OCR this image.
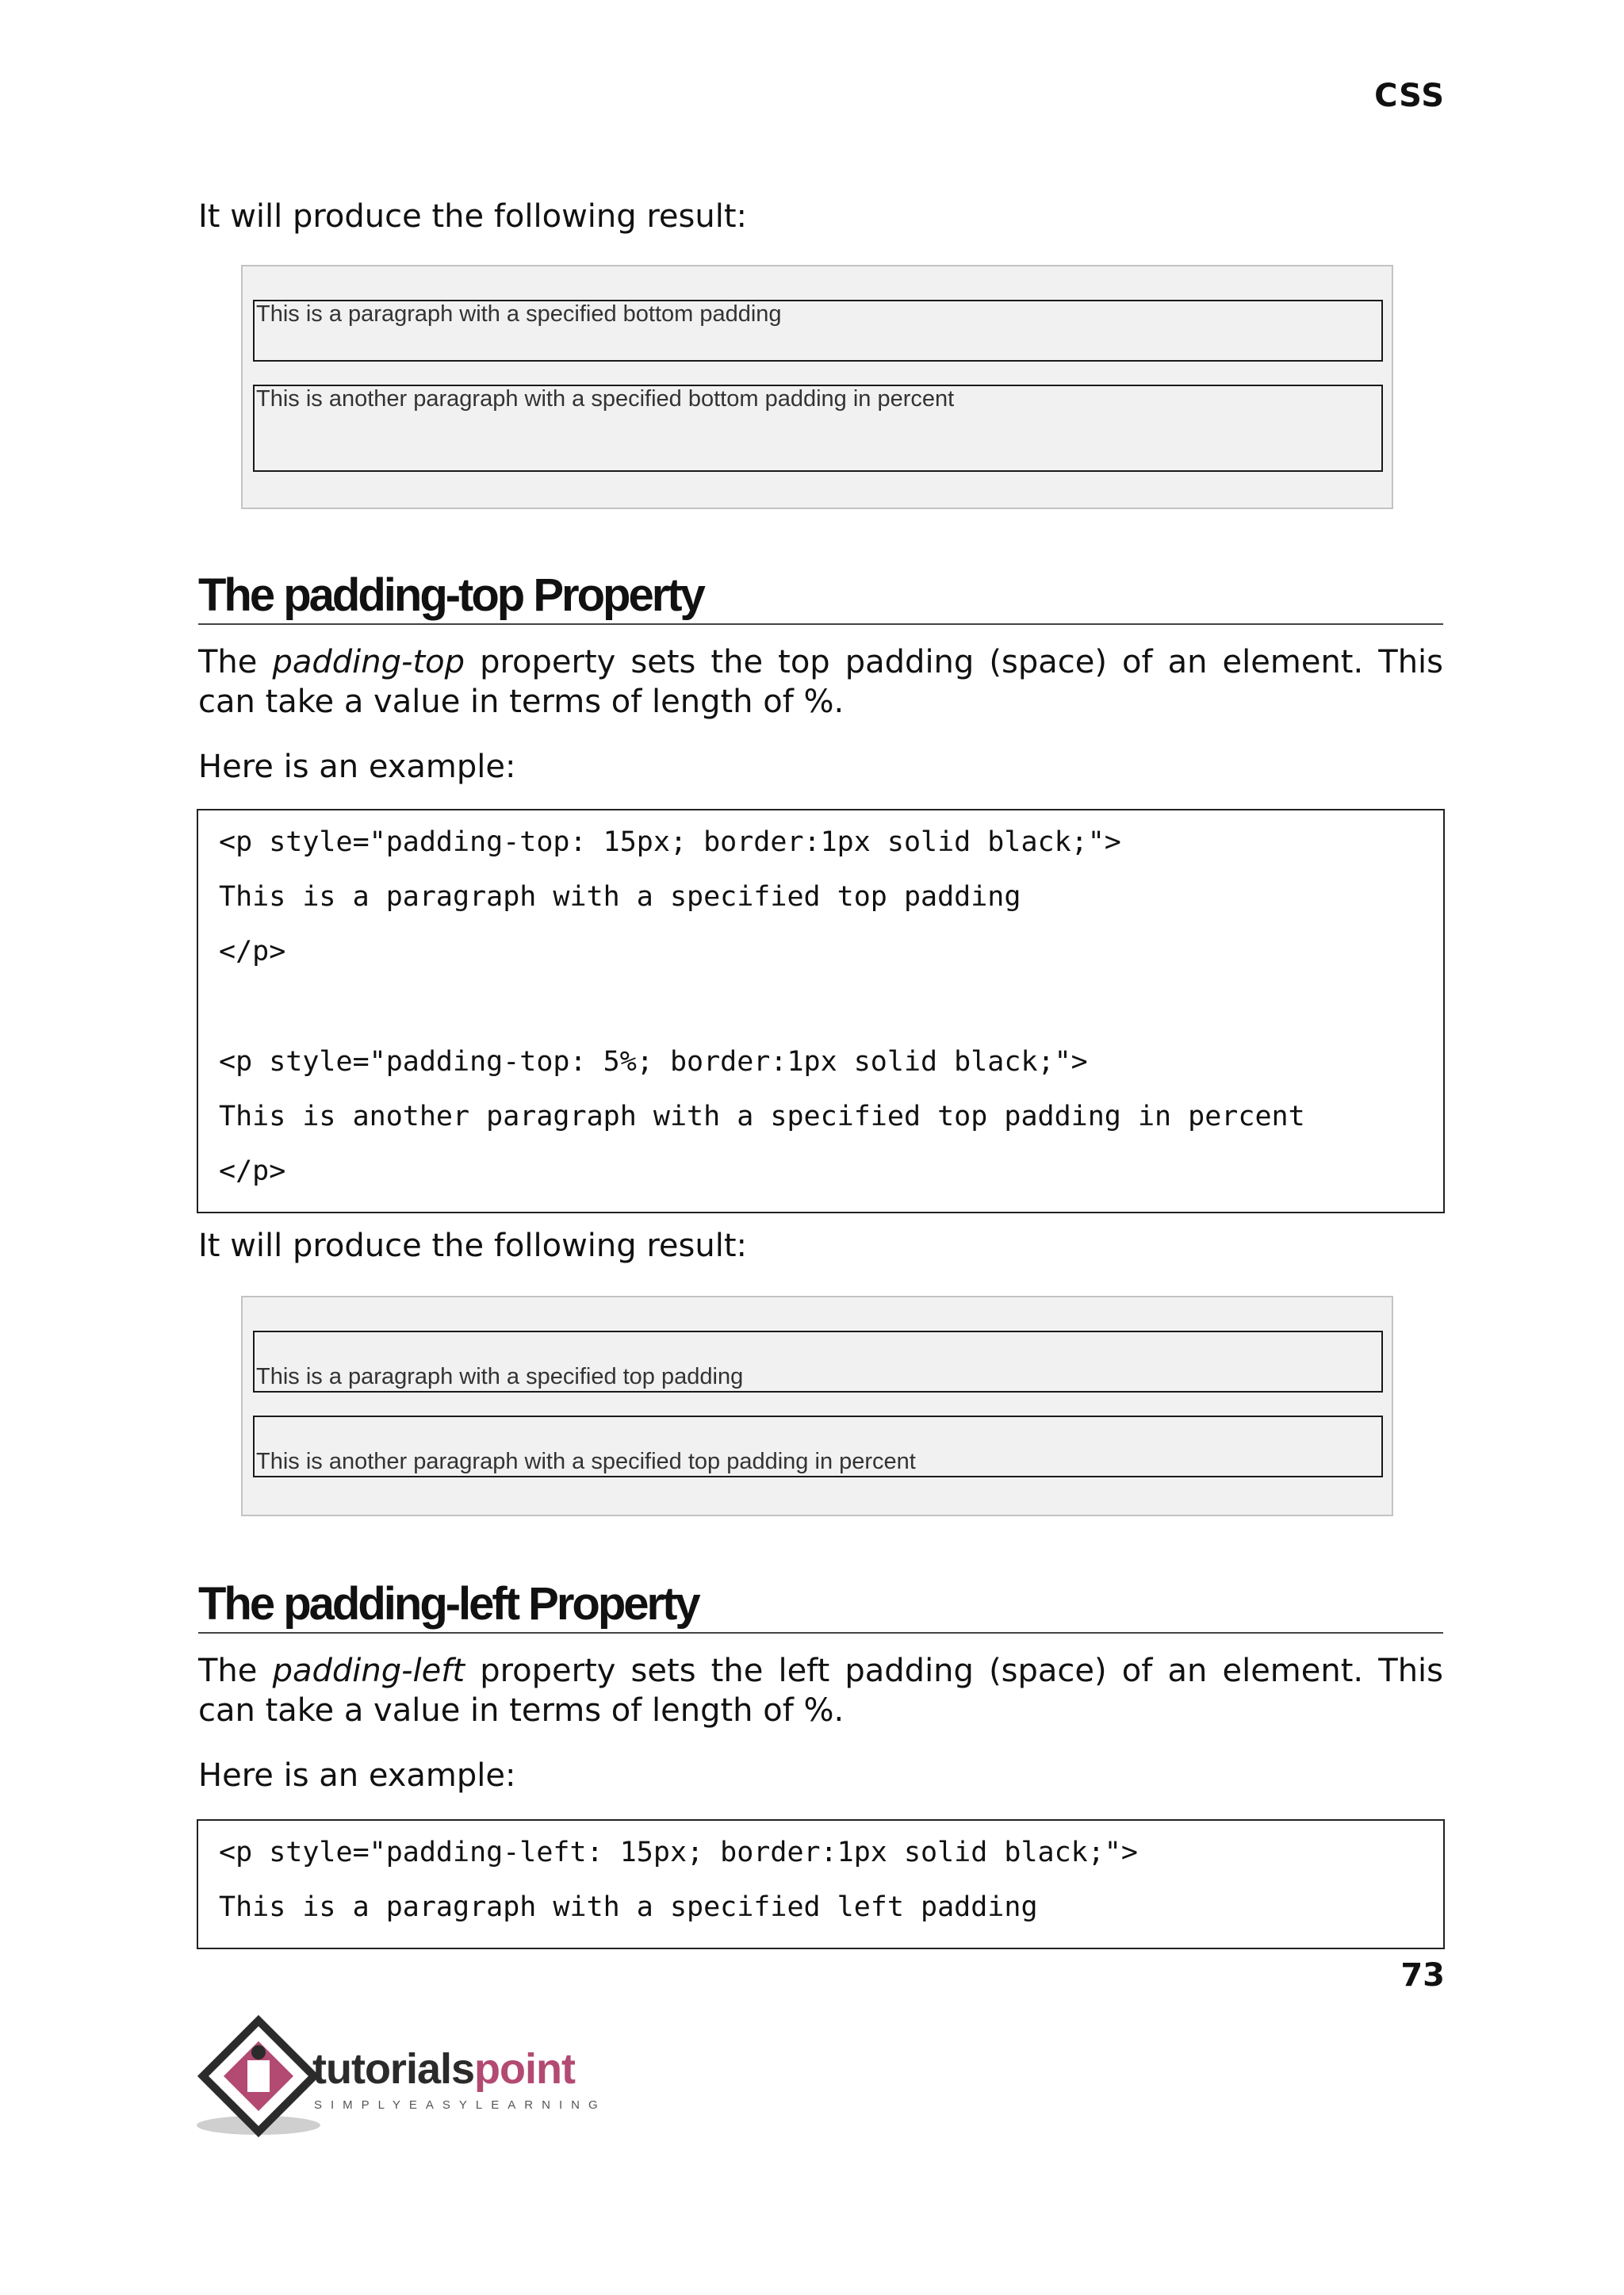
CSS
It will produce the following result:
This is a paragraph with a specified bottom padding
This is another paragraph with a specified bottom padding in percent
The padding-top Property
The padding-top property sets the top padding (space) of an element. This can take a value in terms of length of %.
Here is an example:
<p style="padding-top: 15px; border:1px solid black;">
This is a paragraph with a specified top padding
</p>
<p style="padding-top: 5%; border:1px solid black;">
This is another paragraph with a specified top padding in percent
</p>
It will produce the following result:
This is a paragraph with a specified top padding
This is another paragraph with a specified top padding in percent
The padding-left Property
The padding-left property sets the left padding (space) of an element. This can take a value in terms of length of %.
Here is an example:
<p style="padding-left: 15px; border:1px solid black;">
This is a paragraph with a specified left padding
73
tutorialspoint
SIMPLYEASYLEARNING
